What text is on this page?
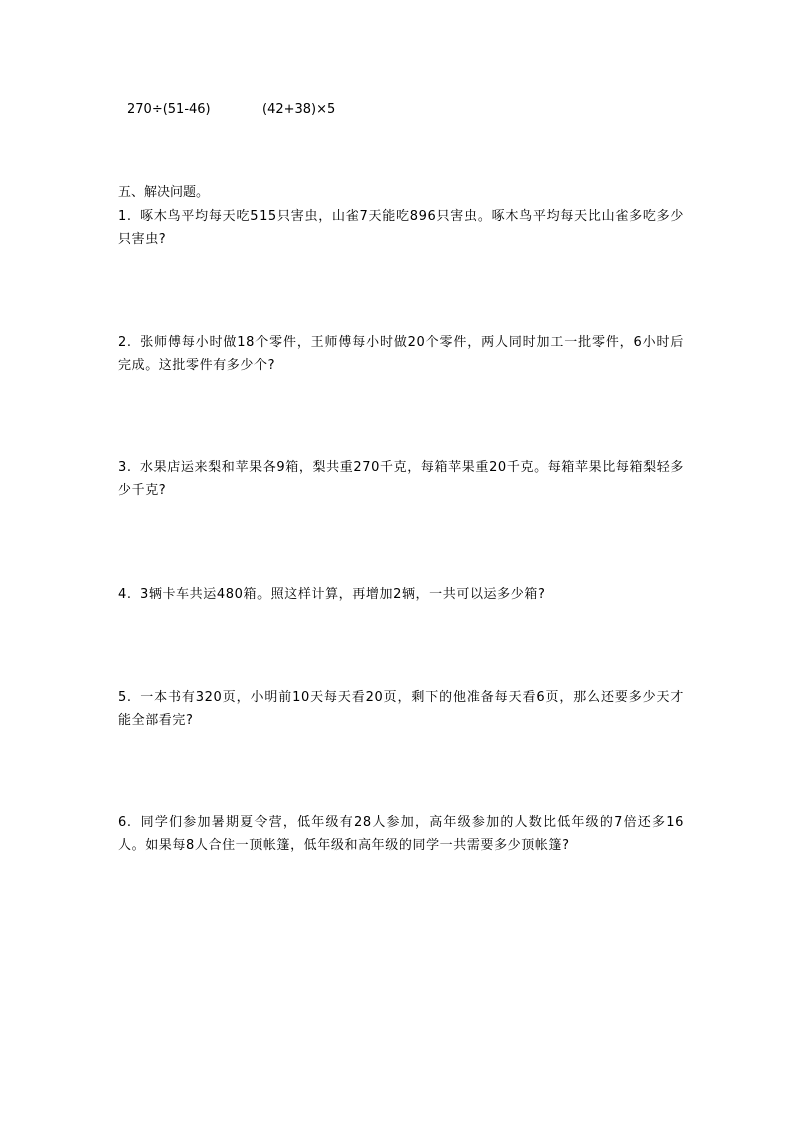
270÷(51-46)	(42+38)×5
五、解决问题。
1. 啄木鸟平均每天吃515只害虫，山雀7天能吃896只害虫。啄木鸟平均每天比山雀多吃多少只害虫?
2. 张师傅每小时做18个零件，王师傅每小时做20个零件，两人同时加工一批零件，6小时后完成。这批零件有多少个?
3. 水果店运来梨和苹果各9箱，梨共重270千克，每箱苹果重20千克。每箱苹果比每箱梨轻多少千克?
4. 3辆卡车共运480箱。照这样计算，再增加2辆，一共可以运多少箱?
5. 一本书有320页，小明前10天每天看20页，剩下的他准备每天看6页，那么还要多少天才能全部看完?
6. 同学们参加暑期夏令营，低年级有28人参加，高年级参加的人数比低年级的7倍还多16人。如果每8人合住一顶帐篷，低年级和高年级的同学一共需要多少顶帐篷?
